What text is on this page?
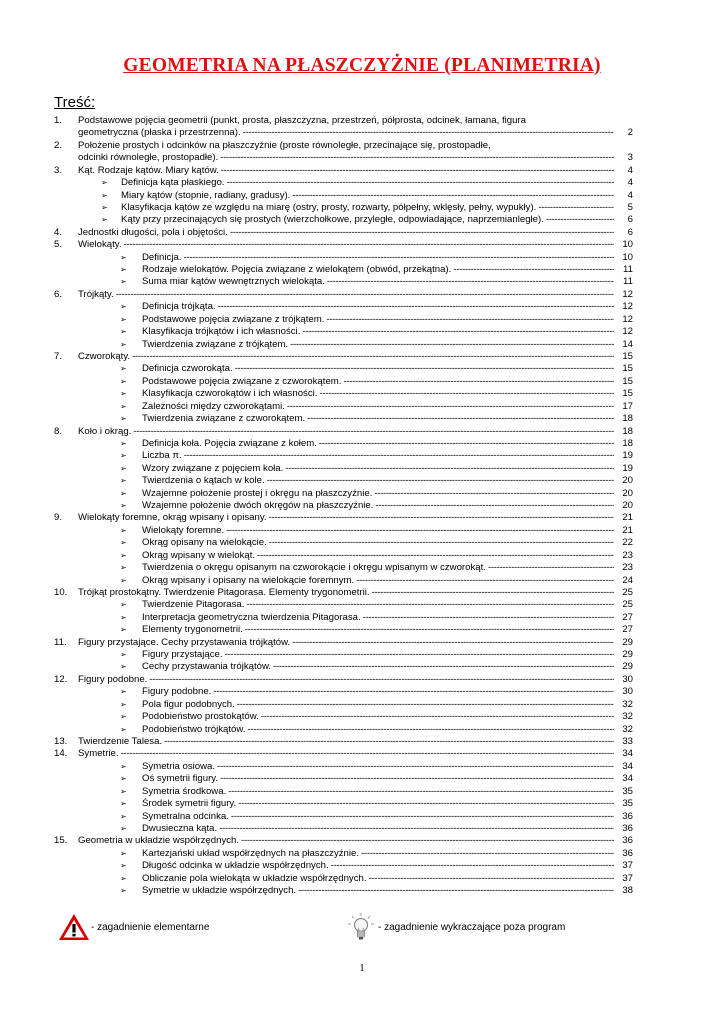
GEOMETRIA NA PŁASZCZYŻNIE (PLANIMETRIA)
Treść:
1. Podstawowe pojęcia geometrii (punkt, prosta, płaszczyzna, przestrzeń, półprosta, odcinek, łamana, figura
geometryczna (płaska i przestrzenna). -----	2
2. Położenie prostych i odcinków na płaszczyźnie (proste równoległe, przecinające się, prostopadłe,
odcinki równoległe, prostopadłe). -----	3
3. Kąt. Rodzaje kątów. Miary kątów. -----	4
➢ Definicja kąta płaskiego. -----	4
➢ Miary kątów (stopnie, radiany, gradusy). -----	4
➢ Klasyfikacja kątów ze względu na miarę (ostry, prosty, rozwarty, półpełny, wklęsły, pełny, wypukły). -----	5
➢ Kąty przy przecinających się prostych (wierzchołkowe, przyległe, odpowiadające, naprzemianległe). -----	6
4. Jednostki długości, pola i objętości. -----	6
5. Wielokąty. -----	10
➢ Definicja. -----	10
➢ Rodzaje wielokątów. Pojęcia związane z wielokątem (obwód, przekątna). -----	11
➢ Suma miar kątów wewnętrznych wielokąta. -----	11
6. Trójkąty. -----	12
➢ Definicja trójkąta. -----	12
➢ Podstawowe pojęcia związane z trójkątem. -----	12
➢ Klasyfikacja trójkątów i ich własności. -----	12
➢ Twierdzenia związane z trójkątem. -----	14
7. Czworokąty. -----	15
➢ Definicja czworokąta. -----	15
➢ Podstawowe pojęcia związane z czworokątem. -----	15
➢ Klasyfikacja czworokątów i ich własności. -----	15
➢ Zależności między czworokątami. -----	17
➢ Twierdzenia związane z czworokątem. -----	18
8. Koło i okrąg. -----	18
➢ Definicja koła. Pojęcia związane z kołem. -----	18
➢ Liczba π. -----	19
➢ Wzory związane z pojęciem koła. -----	19
➢ Twierdzenia o kątach w kole. -----	20
➢ Wzajemne położenie prostej i okręgu na płaszczyźnie. -----	20
➢ Wzajemne położenie dwóch okręgów na płaszczyźnie. -----	20
9. Wielokąty foremne, okrąg wpisany i opisany. -----	21
➢ Wielokąty foremne. -----	21
➢ Okrąg opisany na wielokącie. -----	22
➢ Okrąg wpisany w wielokąt. -----	23
➢ Twierdzenia o okręgu opisanym na czworokącie i okręgu wpisanym w czworokąt. -----	23
➢ Okrąg wpisany i opisany na wielokącie foremnym. -----	24
10. Trójkąt prostokątny. Twierdzenie Pitagorasa. Elementy trygonometrii. -----	25
➢ Twierdzenie Pitagorasa. -----	25
➢ Interpretacja geometryczna twierdzenia Pitagorasa. -----	27
➢ Elementy trygonometrii. -----	27
11. Figury przystające. Cechy przystawania trójkątów. -----	29
➢ Figury przystające. -----	29
➢ Cechy przystawania trójkątów. -----	29
12. Figury podobne. -----	30
➢ Figury podobne. -----	30
➢ Pola figur podobnych. -----	32
➢ Podobieństwo prostokątów. -----	32
➢ Podobieństwo trójkątów. -----	32
13. Twierdzenie Talesa. -----	33
14. Symetrie. -----	34
➢ Symetria osiowa. -----	34
➢ Oś symetrii figury. -----	34
➢ Symetria środkowa. -----	35
➢ Środek symetrii figury. -----	35
➢ Symetralna odcinka. -----	36
➢ Dwusieczna kąta. -----	36
15. Geometria w układzie współrzędnych. -----	36
➢ Kartezjański układ współrzędnych na płaszczyźnie. -----	36
➢ Długość odcinka w układzie współrzędnych. -----	37
➢ Obliczanie pola wielokąta w układzie współrzędnych. -----	37
➢ Symetrie w układzie współrzędnych. -----	38
- zagadnienie elementarne	- zagadnienie wykraczające poza program
1
